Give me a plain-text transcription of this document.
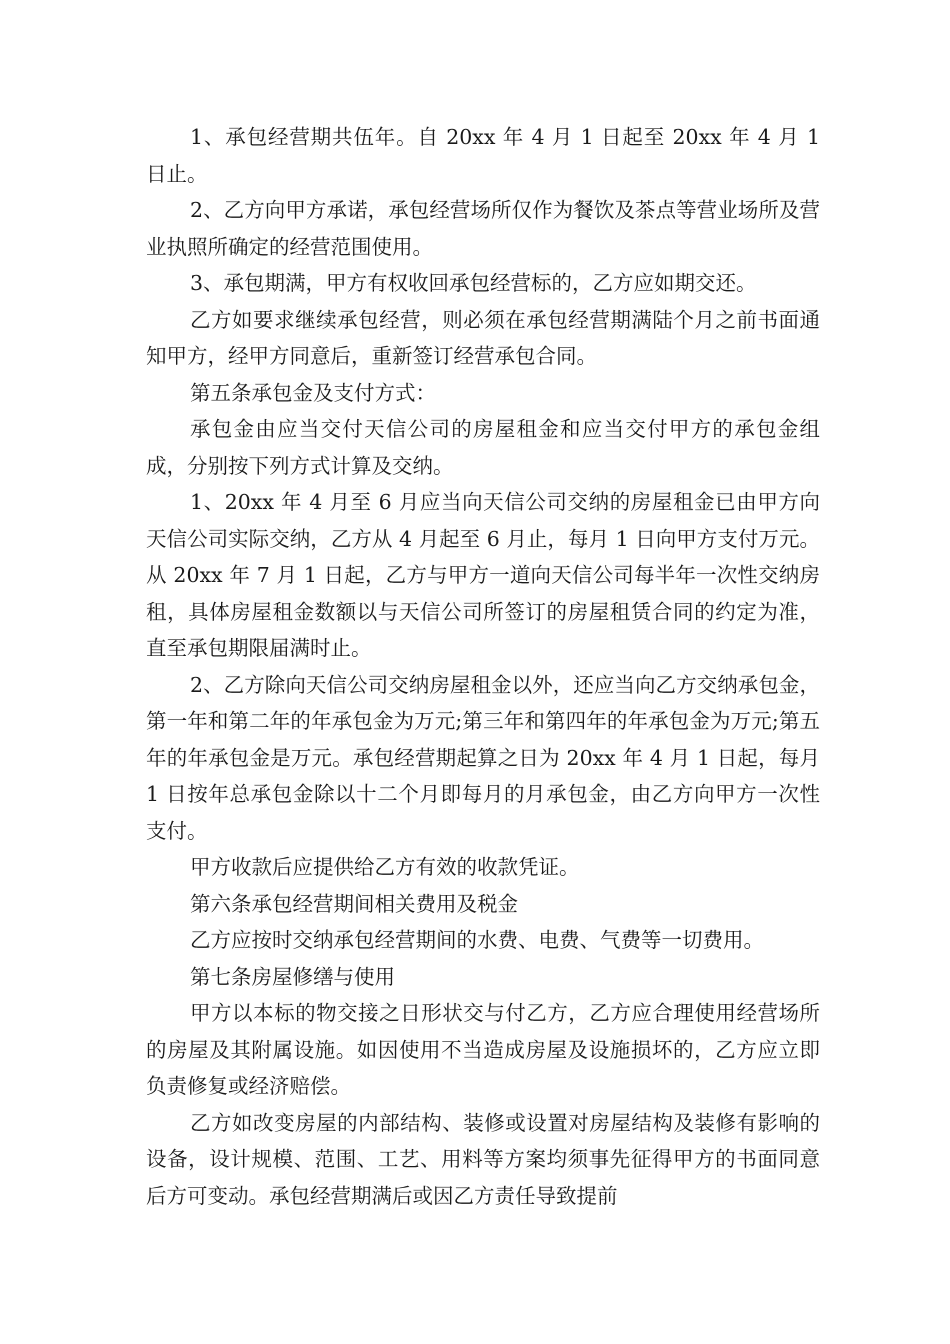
1、承包经营期共伍年。自 20xx 年 4 月 1 日起至 20xx 年 4 月 1 日止。

2、乙方向甲方承诺，承包经营场所仅作为餐饮及茶点等营业场所及营业执照所确定的经营范围使用。

3、承包期满，甲方有权收回承包经营标的，乙方应如期交还。

乙方如要求继续承包经营，则必须在承包经营期满陆个月之前书面通知甲方，经甲方同意后，重新签订经营承包合同。

第五条承包金及支付方式：

承包金由应当交付天信公司的房屋租金和应当交付甲方的承包金组成，分别按下列方式计算及交纳。

1、20xx 年 4 月至 6 月应当向天信公司交纳的房屋租金已由甲方向天信公司实际交纳，乙方从 4 月起至 6 月止，每月 1 日向甲方支付万元。从 20xx 年 7 月 1 日起，乙方与甲方一道向天信公司每半年一次性交纳房租，具体房屋租金数额以与天信公司所签订的房屋租赁合同的约定为准，直至承包期限届满时止。

2、乙方除向天信公司交纳房屋租金以外，还应当向乙方交纳承包金，第一年和第二年的年承包金为万元;第三年和第四年的年承包金为万元;第五年的年承包金是万元。承包经营期起算之日为 20xx 年 4 月 1 日起，每月 1 日按年总承包金除以十二个月即每月的月承包金，由乙方向甲方一次性支付。

甲方收款后应提供给乙方有效的收款凭证。

第六条承包经营期间相关费用及税金

乙方应按时交纳承包经营期间的水费、电费、气费等一切费用。

第七条房屋修缮与使用

甲方以本标的物交接之日形状交与付乙方，乙方应合理使用经营场所的房屋及其附属设施。如因使用不当造成房屋及设施损坏的，乙方应立即负责修复或经济赔偿。

乙方如改变房屋的内部结构、装修或设置对房屋结构及装修有影响的设备，设计规模、范围、工艺、用料等方案均须事先征得甲方的书面同意后方可变动。承包经营期满后或因乙方责任导致提前
